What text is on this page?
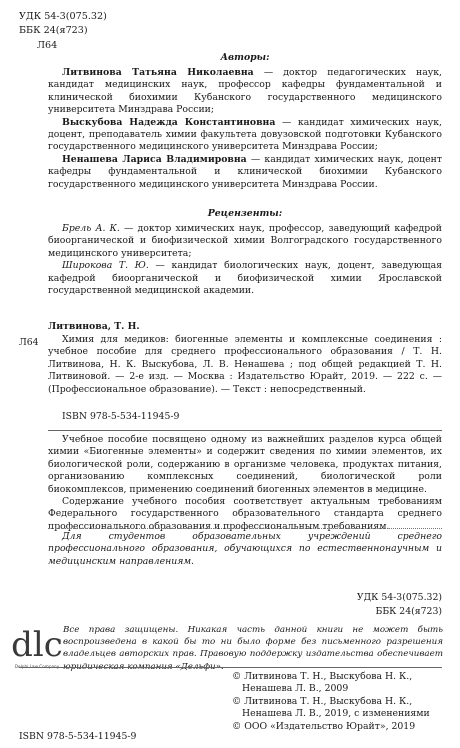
УДК 54-3(075.32)
ББК 24(я723)
Л64
Авторы:

Литвинова Татьяна Николаевна — доктор педагогических наук, кандидат медицинских наук, профессор кафедры фундаментальной и клинической биохимии Кубанского государственного медицинского университета Минздрава России;

Выскубова Надежда Константиновна — кандидат химических наук, доцент, преподаватель химии факультета довузовской подготовки Кубанского государственного медицинского университета Минздрава России;

Ненашева Лариса Владимировна — кандидат химических наук, доцент кафедры фундаментальной и клинической биохимии Кубанского государственного медицинского университета Минздрава России.

Рецензенты:

Брель А. К. — доктор химических наук, профессор, заведующий кафедрой биоорганической и биофизической химии Волгоградского государственного медицинского университета;

Широкова Т. Ю. — кандидат биологических наук, доцент, заведующая кафедрой биоорганической и биофизической химии Ярославской государственной медицинской академии.

Л64
Литвинова, Т. Н.

Химия для медиков: биогенные элементы и комплексные соединения : учебное пособие для среднего профессионального образования / Т. Н. Литвинова, Н. К. Выскубова, Л. В. Ненашева ; под общей редакцией Т. Н. Литвиновой. — 2-е изд. — Москва : Издательство Юрайт, 2019. — 222 с. — (Профессиональное образование). — Текст : непосредственный.

ISBN 978-5-534-11945-9

Учебное пособие посвящено одному из важнейших разделов курса общей химии «Биогенные элементы» и содержит сведения по химии элементов, их биологической роли, содержанию в организме человека, продуктах питания, организованию комплексных соединений, биологической роли биокомплексов, применению соединений биогенных элементов в медицине.

Содержание учебного пособия соответствует актуальным требованиям Федерального государственного образовательного стандарта среднего профессионального образования и профессиональным требованиям.

Для студентов образовательных учреждений среднего профессионального образования, обучающихся по естественнонаучным и медицинским направлениям.

УДК 54-3(075.32)
ББК 24(я723)
dlc
Delphi Law Company

Все права защищены. Никакая часть данной книги не может быть воспроизведена в какой бы то ни было форме без письменного разрешения владельцев авторских прав. Правовую поддержку издательства обеспечивает юридическая компания «Дельфи».

ISBN 978-5-534-11945-9
© Литвинова Т. Н., Выскубова Н. К.,
Ненашева Л. В., 2009
© Литвинова Т. Н., Выскубова Н. К.,
Ненашева Л. В., 2019, с изменениями
© ООО «Издательство Юрайт», 2019
